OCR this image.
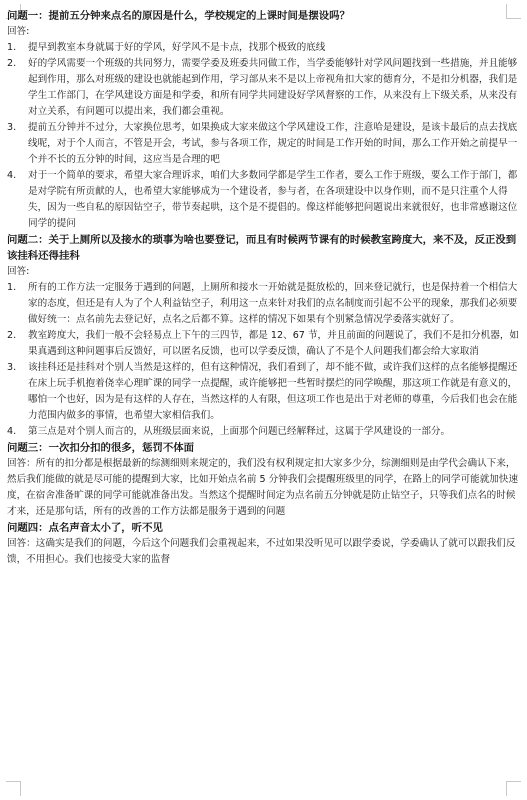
问题一：提前五分钟来点名的原因是什么，学校规定的上课时间是摆设吗？

回答:

1. 提早到教室本身就属于好的学风，好学风不是卡点，找那个极致的底线
2. 好的学风需要一个班级的共同努力，需要学委及班委共同做工作，当学委能够针对学风问题找到一些措施，并且能够起到作用，那么对班级的建设也就能起到作用，学习部从来不是以上帝视角扣大家的德育分，不是扣分机器，我们是学生工作部门，在学风建设方面是和学委，和所有同学共同建设好学风督察的工作，从来没有上下级关系，从来没有对立关系，有问题可以提出来，我们都会重视。
3. 提前五分钟并不过分，大家换位思考，如果换成大家来做这个学风建设工作，注意哈是建设，是该卡最后的点去找底线呢，对于个人而言，不管是开会，考试，参与各项工作，规定的时间是工作开始的时间，那么工作开始之前提早一个并不长的五分钟的时间，这应当是合理的吧
4. 对于一个简单的要求，希望大家合理诉求，咱们大多数同学都是学生工作者，要么工作于班级，要么工作于部门，都是对学院有所贡献的人，也希望大家能够成为一个建设者，参与者，在各项建设中以身作则，而不是只注重个人得失，因为一些自私的原因钻空子，带节奏起哄，这个是不提倡的。像这样能够把问题说出来就很好，也非常感谢这位同学的提问

问题二：关于上厕所以及接水的琐事为啥也要登记，而且有时候两节课有的时候教室跨度大，来不及，反正没到该挂科还得挂科

回答:

1. 所有的工作方法一定服务于遇到的问题，上厕所和接水一开始就是挺放松的，回来登记就行，也是保持着一个相信大家的态度，但还是有人为了个人利益钻空子，利用这一点来针对我们的点名制度而引起不公平的现象，那我们必须要做好统一：点名前先去登记好，点名之后都不算。这样的情况下如果有个别紧急情况学委落实就好了。
2. 教室跨度大，我们一般不会轻易点上下午的三四节，都是 12、67 节，并且前面的问题说了，我们不是扣分机器，如果真遇到这种问题事后反馈好，可以匿名反馈，也可以学委反馈，确认了不是个人问题我们都会给大家取消
3. 该挂科还是挂科对个别人当然是这样的，但有这种情况，我们看到了，却不能不做，或许我们这样的点名能够提醒还在床上玩手机抱着侥幸心理旷课的同学一点提醒，或许能够把一些暂时摆烂的同学唤醒，那这项工作就是有意义的，哪怕一个也好，因为是有这样的人存在，当然这样的人有限，但这项工作也是出于对老师的尊重，今后我们也会在能力范围内做多的事情，也希望大家相信我们。
4. 第三点是对个别人而言的，从班级层面来说，上面那个问题已经解释过，这属于学风建设的一部分。

问题三：一次扣分扣的很多，惩罚不体面

回答：所有的扣分都是根据最新的综测细则来规定的，我们没有权利规定扣大家多少分，综测细则是由学代会确认下来，然后我们能做的就是尽可能的提醒到大家，比如开始点名前 5 分钟我们会提醒班级里的同学，在路上的同学可能就加快速度，在宿舍准备旷课的同学可能就准备出发。当然这个提醒时间定为点名前五分钟就是防止钻空子，只等我们点名的时候才来，还是那句话，所有的改善的工作方法都是服务于遇到的问题

问题四：点名声音太小了，听不见

回答：这确实是我们的问题，今后这个问题我们会重视起来，不过如果没听见可以跟学委说，学委确认了就可以跟我们反馈，不用担心。我们也接受大家的监督
